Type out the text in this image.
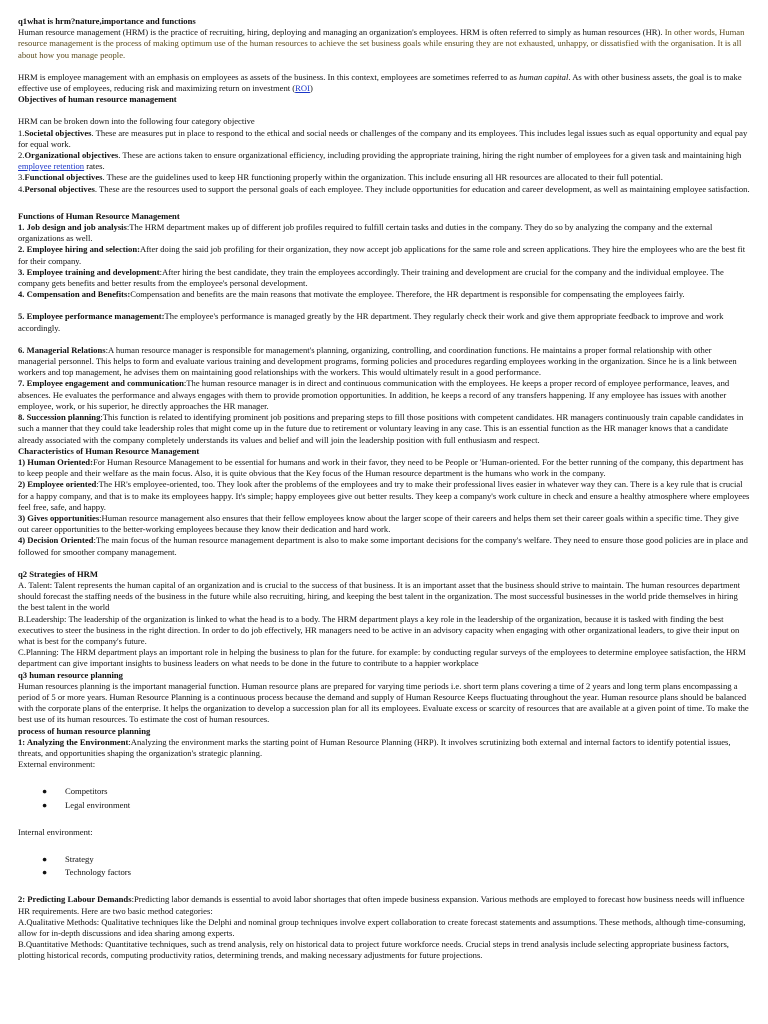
q1what is hrm?nature,importance and functions

Human resource management (HRM) is the practice of recruiting, hiring, deploying and managing an organization's employees. HRM is often referred to simply as human resources (HR). In other words, Human resource management is the process of making optimum use of the human resources to achieve the set business goals while ensuring they are not exhausted, unhappy, or dissatisfied with the organisation. It is all about how you manage people.

HRM is employee management with an emphasis on employees as assets of the business. In this context, employees are sometimes referred to as human capital. As with other business assets, the goal is to make effective use of employees, reducing risk and maximizing return on investment (ROI)

Objectives of human resource management

HRM can be broken down into the following four category objective

1.Societal objectives. These are measures put in place to respond to the ethical and social needs or challenges of the company and its employees. This includes legal issues such as equal opportunity and equal pay for equal work.

2.Organizational objectives. These are actions taken to ensure organizational efficiency, including providing the appropriate training, hiring the right number of employees for a given task and maintaining high employee retention rates.

3.Functional objectives. These are the guidelines used to keep HR functioning properly within the organization. This include ensuring all HR resources are allocated to their full potential.

4.Personal objectives. These are the resources used to support the personal goals of each employee. They include opportunities for education and career development, as well as maintaining employee satisfaction.

Functions of Human Resource Management

1. Job design and job analysis:The HRM department makes up of different job profiles required to fulfill certain tasks and duties in the company. They do so by analyzing the company and the external organizations as well.

2. Employee hiring and selection:After doing the said job profiling for their organization, they now accept job applications for the same role and screen applications. They hire the employees who are the best fit for their company.

3. Employee training and development:After hiring the best candidate, they train the employees accordingly. Their training and development are crucial for the company and the individual employee. The company gets benefits and better results from the employee's personal development.

4. Compensation and Benefits:Compensation and benefits are the main reasons that motivate the employee. Therefore, the HR department is responsible for compensating the employees fairly.

5. Employee performance management:The employee's performance is managed greatly by the HR department. They regularly check their work and give them appropriate feedback to improve and work accordingly.

6. Managerial Relations:A human resource manager is responsible for management's planning, organizing, controlling, and coordination functions. He maintains a proper formal relationship with other managerial personnel. This helps to form and evaluate various training and development programs, forming policies and procedures regarding employees working in the organization. Since he is a link between workers and top management, he advises them on maintaining good relationships with the workers. This would ultimately result in a good performance.

7. Employee engagement and communication:The human resource manager is in direct and continuous communication with the employees. He keeps a proper record of employee performance, leaves, and absences. He evaluates the performance and always engages with them to provide promotion opportunities. In addition, he keeps a record of any transfers happening. If any employee has issues with another employee, work, or his superior, he directly approaches the HR manager.

8. Succession planning:This function is related to identifying prominent job positions and preparing steps to fill those positions with competent candidates. HR managers continuously train capable candidates in such a manner that they could take leadership roles that might come up in the future due to retirement or voluntary leaving in any case. This is an essential function as the HR manager knows that a candidate already associated with the company completely understands its values and belief and will join the leadership position with full enthusiasm and respect.

Characteristics of Human Resource Management

1) Human Oriented:For Human Resource Management to be essential for humans and work in their favor, they need to be People or 'Human-oriented. For the better running of the company, this department has to keep people and their welfare as the main focus. Also, it is quite obvious that the Key focus of the Human resource department is the humans who work in the company.

2) Employee oriented:The HR's employee-oriented, too. They look after the problems of the employees and try to make their professional lives easier in whatever way they can. There is a key rule that is crucial for a happy company, and that is to make its employees happy. It's simple; happy employees give out better results. They keep a company's work culture in check and ensure a healthy atmosphere where employees feel free, safe, and happy.

3) Gives opportunities:Human resource management also ensures that their fellow employees know about the larger scope of their careers and helps them set their career goals within a specific time. They give out career opportunities to the better-working employees because they know their dedication and hard work.

4) Decision Oriented:The main focus of the human resource management department is also to make some important decisions for the company's welfare. They need to ensure those good policies are in place and followed for smoother company management.

q2 Strategies of HRM

A. Talent: Talent represents the human capital of an organization and is crucial to the success of that business. It is an important asset that the business should strive to maintain. The human resources department should forecast the staffing needs of the business in the future while also recruiting, hiring, and keeping the best talent in the organization. The most successful businesses in the world pride themselves in hiring the best talent in the world

B.Leadership: The leadership of the organization is linked to what the head is to a body. The HRM department plays a key role in the leadership of the organization, because it is tasked with finding the best executives to steer the business in the right direction. In order to do job effectively, HR managers need to be active in an advisory capacity when engaging with other organizational leaders, to give their input on what is best for the company's future.

C.Planning: The HRM department plays an important role in helping the business to plan for the future. for example: by conducting regular surveys of the employees to determine employee satisfaction, the HRM department can give important insights to business leaders on what needs to be done in the future to contribute to a happier workplace

q3 human resource planning

Human resources planning is the important managerial function. Human resource plans are prepared for varying time periods i.e. short term plans covering a time of 2 years and long term plans encompassing a period of 5 or more years. Human Resource Planning is a continuous process because the demand and supply of Human Resource Keeps fluctuating throughout the year. Human resource plans should be balanced with the corporate plans of the enterprise. It helps the organization to develop a succession plan for all its employees. Evaluate excess or scarcity of resources that are available at a given point of time. To make the best use of its human resources. To estimate the cost of human resources.

process of human resource planning

1: Analyzing the Environment:Analyzing the environment marks the starting point of Human Resource Planning (HRP). It involves scrutinizing both external and internal factors to identify potential issues, threats, and opportunities shaping the organization's strategic planning.

External environment:

● Competitors
● Legal environment

Internal environment:

● Strategy
● Technology factors

2: Predicting Labour Demands:Predicting labor demands is essential to avoid labor shortages that often impede business expansion. Various methods are employed to forecast how business needs will influence HR requirements. Here are two basic method categories:

A.Qualitative Methods: Qualitative techniques like the Delphi and nominal group techniques involve expert collaboration to create forecast statements and assumptions. These methods, although time-consuming, allow for in-depth discussions and idea sharing among experts.

B.Quantitative Methods: Quantitative techniques, such as trend analysis, rely on historical data to project future workforce needs. Crucial steps in trend analysis include selecting appropriate business factors, plotting historical records, computing productivity ratios, determining trends, and making necessary adjustments for future projections.
